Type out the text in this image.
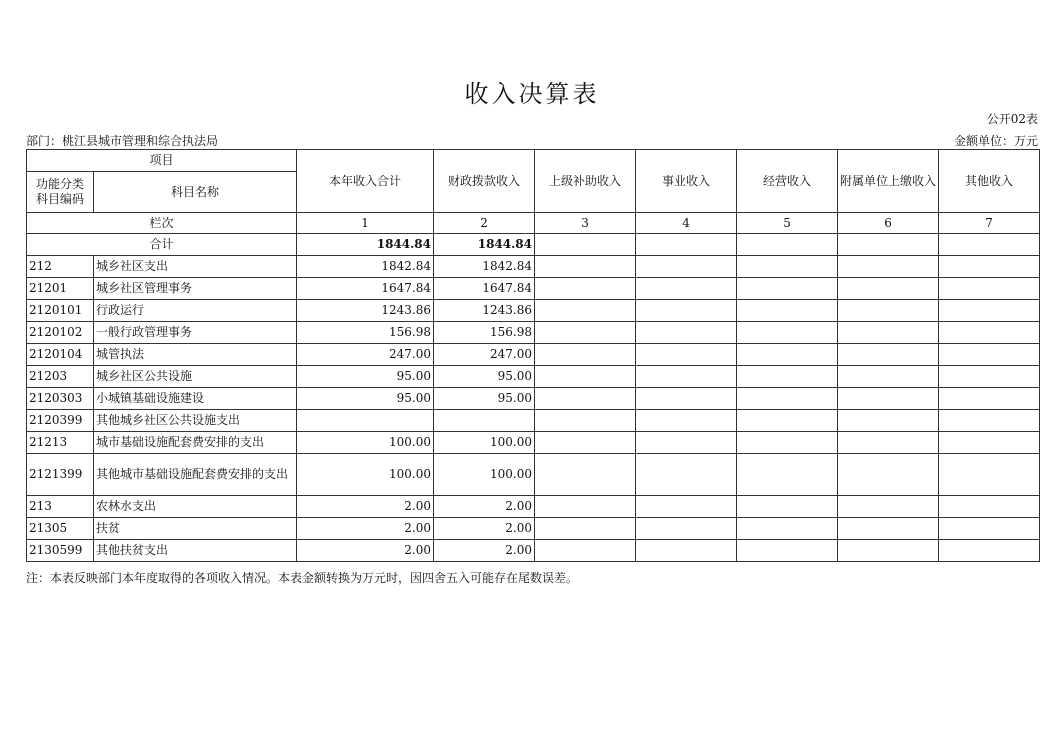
收入决算表
公开02表
部门：桃江县城市管理和综合执法局	金额单位：万元
项目		本年收入合计	财政拨款收入	上级补助收入	事业收入	经营收入	附属单位上缴收入	其他收入
功能分类 科目编码	科目名称							
栏次		1	2	3	4	5	6	7
合计		1844.84	1844.84					
212	城乡社区支出	1842.84	1842.84					
21201	城乡社区管理事务	1647.84	1647.84					
2120101	行政运行	1243.86	1243.86					
2120102	一般行政管理事务	156.98	156.98					
2120104	城管执法	247.00	247.00					
21203	城乡社区公共设施	95.00	95.00					
2120303	小城镇基础设施建设	95.00	95.00					
2120399	其他城乡社区公共设施支出							
21213	城市基础设施配套费安排的支出	100.00	100.00					
2121399	其他城市基础设施配套费安排的支出	100.00	100.00					
213	农林水支出	2.00	2.00					
21305	扶贫	2.00	2.00					
2130599	其他扶贫支出	2.00	2.00					
注：本表反映部门本年度取得的各项收入情况。本表金额转换为万元时，因四舍五入可能存在尾数误差。
